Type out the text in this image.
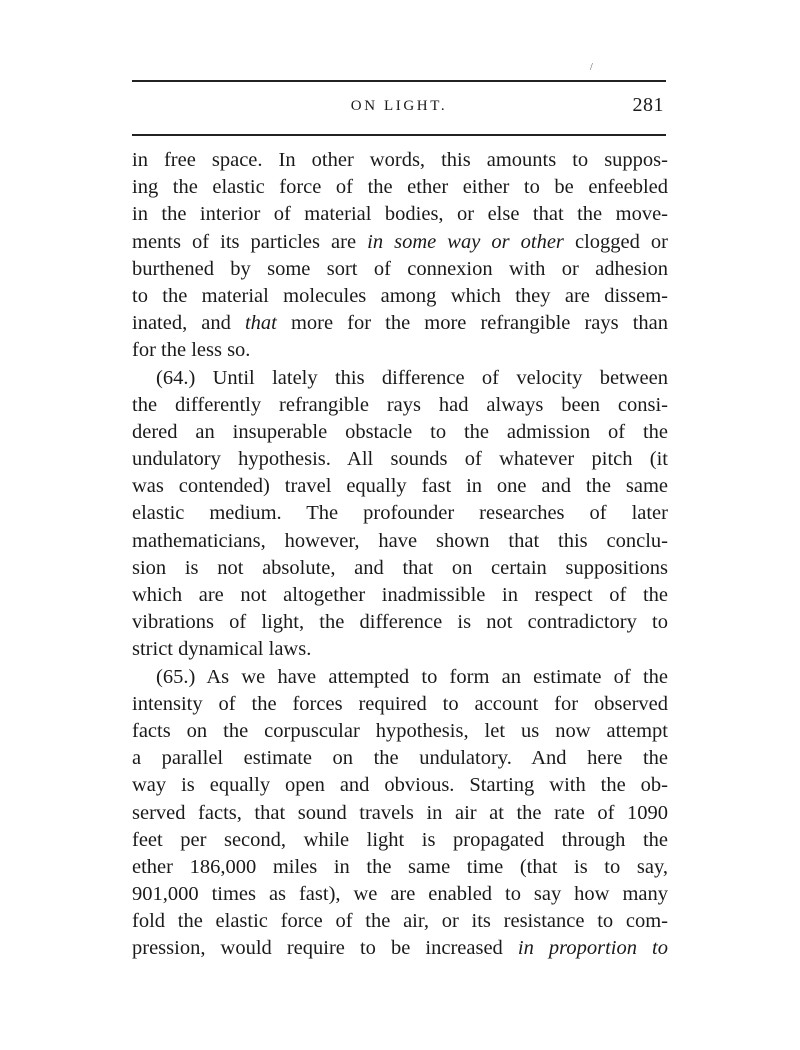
/
ON LIGHT.	281
in free space. In other words, this amounts to suppos-
ing the elastic force of the ether either to be enfeebled
in the interior of material bodies, or else that the move-
ments of its particles are in some way or other clogged or
burthened by some sort of connexion with or adhesion
to the material molecules among which they are dissem-
inated, and that more for the more refrangible rays than
for the less so.
(64.) Until lately this difference of velocity between
the differently refrangible rays had always been consi-
dered an insuperable obstacle to the admission of the
undulatory hypothesis. All sounds of whatever pitch (it
was contended) travel equally fast in one and the same
elastic medium. The profounder researches of later
mathematicians, however, have shown that this conclu-
sion is not absolute, and that on certain suppositions
which are not altogether inadmissible in respect of the
vibrations of light, the difference is not contradictory to
strict dynamical laws.
(65.) As we have attempted to form an estimate of the
intensity of the forces required to account for observed
facts on the corpuscular hypothesis, let us now attempt
a parallel estimate on the undulatory. And here the
way is equally open and obvious. Starting with the ob-
served facts, that sound travels in air at the rate of 1090
feet per second, while light is propagated through the
ether 186,000 miles in the same time (that is to say,
901,000 times as fast), we are enabled to say how many
fold the elastic force of the air, or its resistance to com-
pression, would require to be increased in proportion to
